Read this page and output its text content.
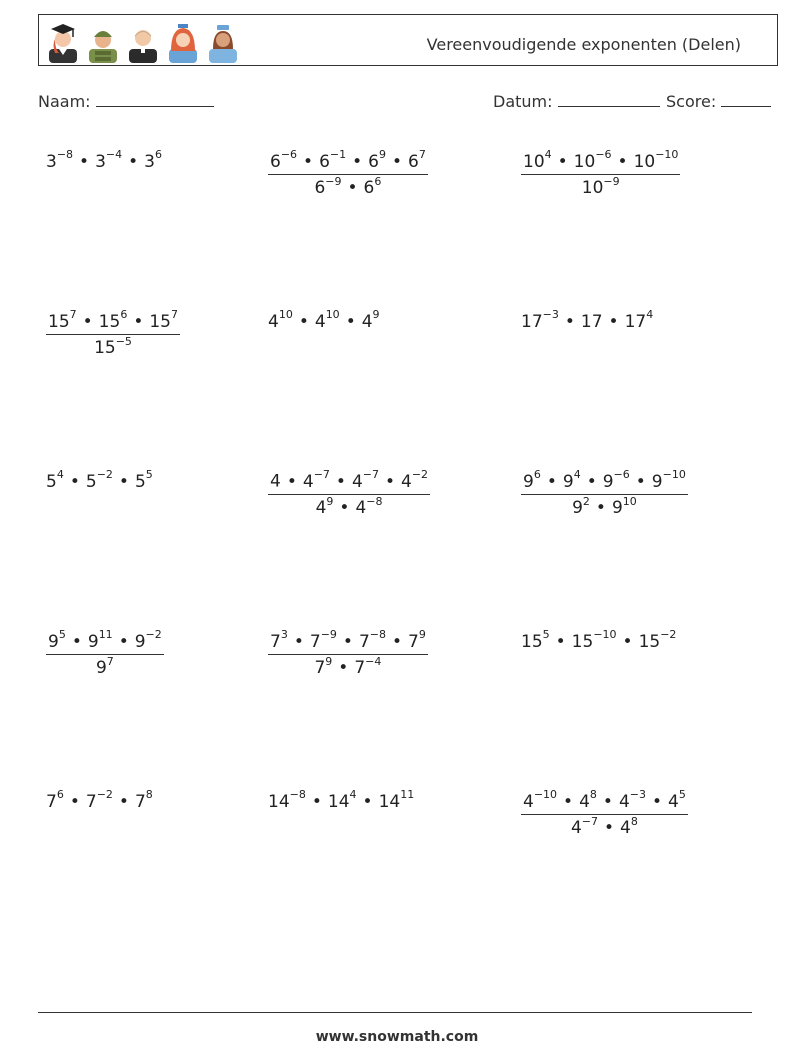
Vereenvoudigende exponenten (Delen)
Naam:	Datum:	Score:
$3^{-8}$ • $3^{-4}$ • $3^6$	$\frac{6^{-6} • 6^{-1} • 6^9 • 6^7}{6^{-9} • 6^6}$	$\frac{10^4 • 10^{-6} • 10^{-10}}{10^{-9}}$
$\frac{15^7 • 15^6 • 15^7}{15^{-5}}$	$4^{10}$ • $4^{10}$ • $4^9$	$17^{-3}$ • 17 • $17^4$
$5^4$ • $5^{-2}$ • $5^5$	$\frac{4 • 4^{-7} • 4^{-7} • 4^{-2}}{4^9 • 4^{-8}}$	$\frac{9^6 • 9^4 • 9^{-6} • 9^{-10}}{9^2 • 9^{10}}$
$\frac{9^5 • 9^{11} • 9^{-2}}{9^7}$	$\frac{7^3 • 7^{-9} • 7^{-8} • 7^9}{7^9 • 7^{-4}}$	$15^5$ • $15^{-10}$ • $15^{-2}$
$7^6$ • $7^{-2}$ • $7^8$	$14^{-8}$ • $14^4$ • $14^{11}$	$\frac{4^{-10} • 4^8 • 4^{-3} • 4^5}{4^{-7} • 4^8}$
www.snowmath.com
